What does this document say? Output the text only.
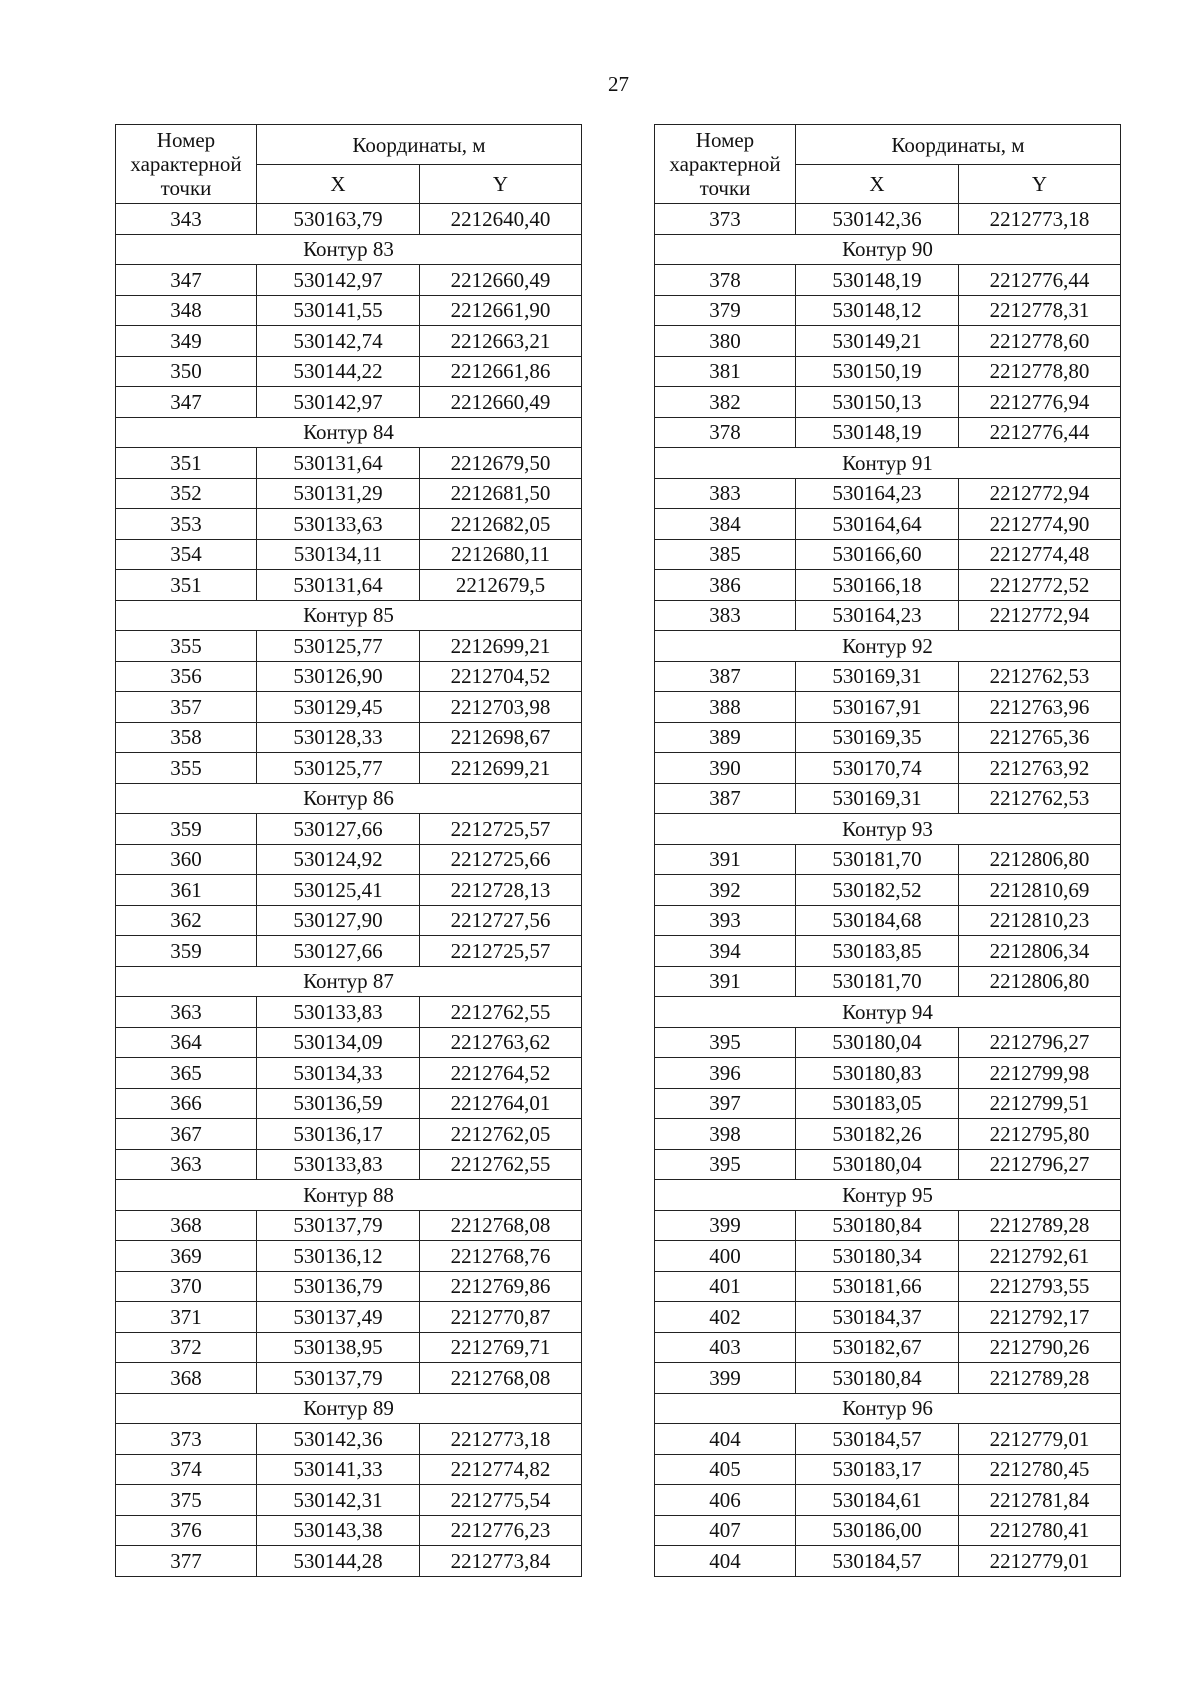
27
Номер характерной точки	Координаты, м	
	X	Y
343	530163,79	2212640,40
Контур 83		
347	530142,97	2212660,49
348	530141,55	2212661,90
349	530142,74	2212663,21
350	530144,22	2212661,86
347	530142,97	2212660,49
Контур 84		
351	530131,64	2212679,50
352	530131,29	2212681,50
353	530133,63	2212682,05
354	530134,11	2212680,11
351	530131,64	2212679,5
Контур 85		
355	530125,77	2212699,21
356	530126,90	2212704,52
357	530129,45	2212703,98
358	530128,33	2212698,67
355	530125,77	2212699,21
Контур 86		
359	530127,66	2212725,57
360	530124,92	2212725,66
361	530125,41	2212728,13
362	530127,90	2212727,56
359	530127,66	2212725,57
Контур 87		
363	530133,83	2212762,55
364	530134,09	2212763,62
365	530134,33	2212764,52
366	530136,59	2212764,01
367	530136,17	2212762,05
363	530133,83	2212762,55
Контур 88		
368	530137,79	2212768,08
369	530136,12	2212768,76
370	530136,79	2212769,86
371	530137,49	2212770,87
372	530138,95	2212769,71
368	530137,79	2212768,08
Контур 89		
373	530142,36	2212773,18
374	530141,33	2212774,82
375	530142,31	2212775,54
376	530143,38	2212776,23
377	530144,28	2212773,84
Номер характерной точки	Координаты, м	
	X	Y
373	530142,36	2212773,18
Контур 90		
378	530148,19	2212776,44
379	530148,12	2212778,31
380	530149,21	2212778,60
381	530150,19	2212778,80
382	530150,13	2212776,94
378	530148,19	2212776,44
Контур 91		
383	530164,23	2212772,94
384	530164,64	2212774,90
385	530166,60	2212774,48
386	530166,18	2212772,52
383	530164,23	2212772,94
Контур 92		
387	530169,31	2212762,53
388	530167,91	2212763,96
389	530169,35	2212765,36
390	530170,74	2212763,92
387	530169,31	2212762,53
Контур 93		
391	530181,70	2212806,80
392	530182,52	2212810,69
393	530184,68	2212810,23
394	530183,85	2212806,34
391	530181,70	2212806,80
Контур 94		
395	530180,04	2212796,27
396	530180,83	2212799,98
397	530183,05	2212799,51
398	530182,26	2212795,80
395	530180,04	2212796,27
Контур 95		
399	530180,84	2212789,28
400	530180,34	2212792,61
401	530181,66	2212793,55
402	530184,37	2212792,17
403	530182,67	2212790,26
399	530180,84	2212789,28
Контур 96		
404	530184,57	2212779,01
405	530183,17	2212780,45
406	530184,61	2212781,84
407	530186,00	2212780,41
404	530184,57	2212779,01
